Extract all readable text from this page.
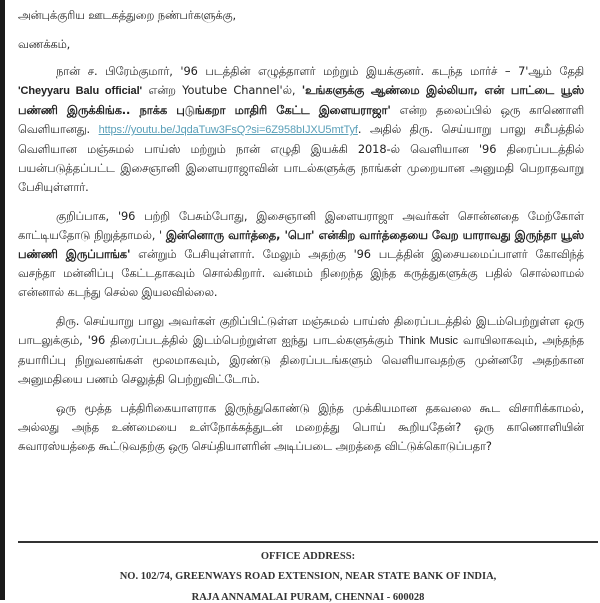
அன்புக்குரிய ஊடகத்துறை நண்பர்களுக்கு,

வணக்கம்,

நான் ச. பிரேம்குமார், '96 படத்தின் எழுத்தாளர் மற்றும் இயக்குனர். கடந்த மார்ச் – 7'ஆம் தேதி 'Cheyyaru Balu official' என்ற Youtube Channel'ல், 'உங்களுக்கு ஆண்மை இல்லியா, என் பாட்டை யூஸ் பண்ணி இருக்கிங்க.. நாக்க புடுங்கறா மாதிரி கேட்ட இளையராஜா' என்ற தலைப்பில் ஒரு காணொளி வெளியானது. https://youtu.be/JqdaTuw3FsQ?si=6Z958bIJXU5mtTyf. அதில் திரு. செய்யாறு பாலு சமீபத்தில் வெளியான மஞ்சுமல் பாய்ஸ் மற்றும் நான் எழுதி இயக்கி 2018-ல் வெளியான '96 திரைப்படத்தில் பயன்படுத்தப்பட்ட இசைஞானி இளையராஜாவின் பாடல்களுக்கு நாங்கள் முறையான அனுமதி பெறாதவாறு பேசியுள்ளார்.

குறிப்பாக, '96 பற்றி பேசும்போது, இசைஞானி இளையராஜா அவர்கள் சொன்னதை மேற்கோள் காட்டியதோடு நிறுத்தாமல், ' இன்னொரு வார்த்தை, 'பொ' என்கிற வார்த்தையை வேற யாராவது இருந்தா யூஸ் பண்ணி இருப்பாங்க' என்றும் பேசியுள்ளார். மேலும் அதற்கு '96 படத்தின் இசையமைப்பாளர் கோவிந்த் வசந்தா மன்னிப்பு கேட்டதாகவும் சொல்கிறார். வன்மம் நிறைந்த இந்த கருத்துகளுக்கு பதில் சொல்லாமல் என்னால் கடந்து செல்ல இயலவில்லை.

திரு. செய்யாறு பாலு அவர்கள் குறிப்பிட்டுள்ள மஞ்சுமல் பாய்ஸ் திரைப்படத்தில் இடம்பெற்றுள்ள ஒரு பாடலுக்கும், '96 திரைப்படத்தில் இடம்பெற்றுள்ள ஐந்து பாடல்களுக்கும் Think Music வாயிலாகவும், அந்தந்த தயாரிப்பு நிறுவனங்கள் மூலமாகவும், இரண்டு திரைப்படங்களும் வெளியாவதற்கு முன்னரே அதற்கான அனுமதியை பணம் செலுத்தி பெற்றுவிட்டோம்.

ஒரு மூத்த பத்திரிகையாளராக இருந்துகொண்டு இந்த முக்கியமான தகவலை கூட விசாரிக்காமல், அல்லது அந்த உண்மையை உள்நோக்கத்துடன் மறைத்து பொய் கூறியதேன்? ஒரு காணொளியின் சுவாரஸ்யத்தை கூட்டுவதற்கு ஒரு செய்தியாளரின் அடிப்படை அறத்தை விட்டுக்கொடுப்பதா?

OFFICE ADDRESS:
NO. 102/74, GREENWAYS ROAD EXTENSION, NEAR STATE BANK OF INDIA,
RAJA ANNAMALAI PURAM, CHENNAI - 600028
